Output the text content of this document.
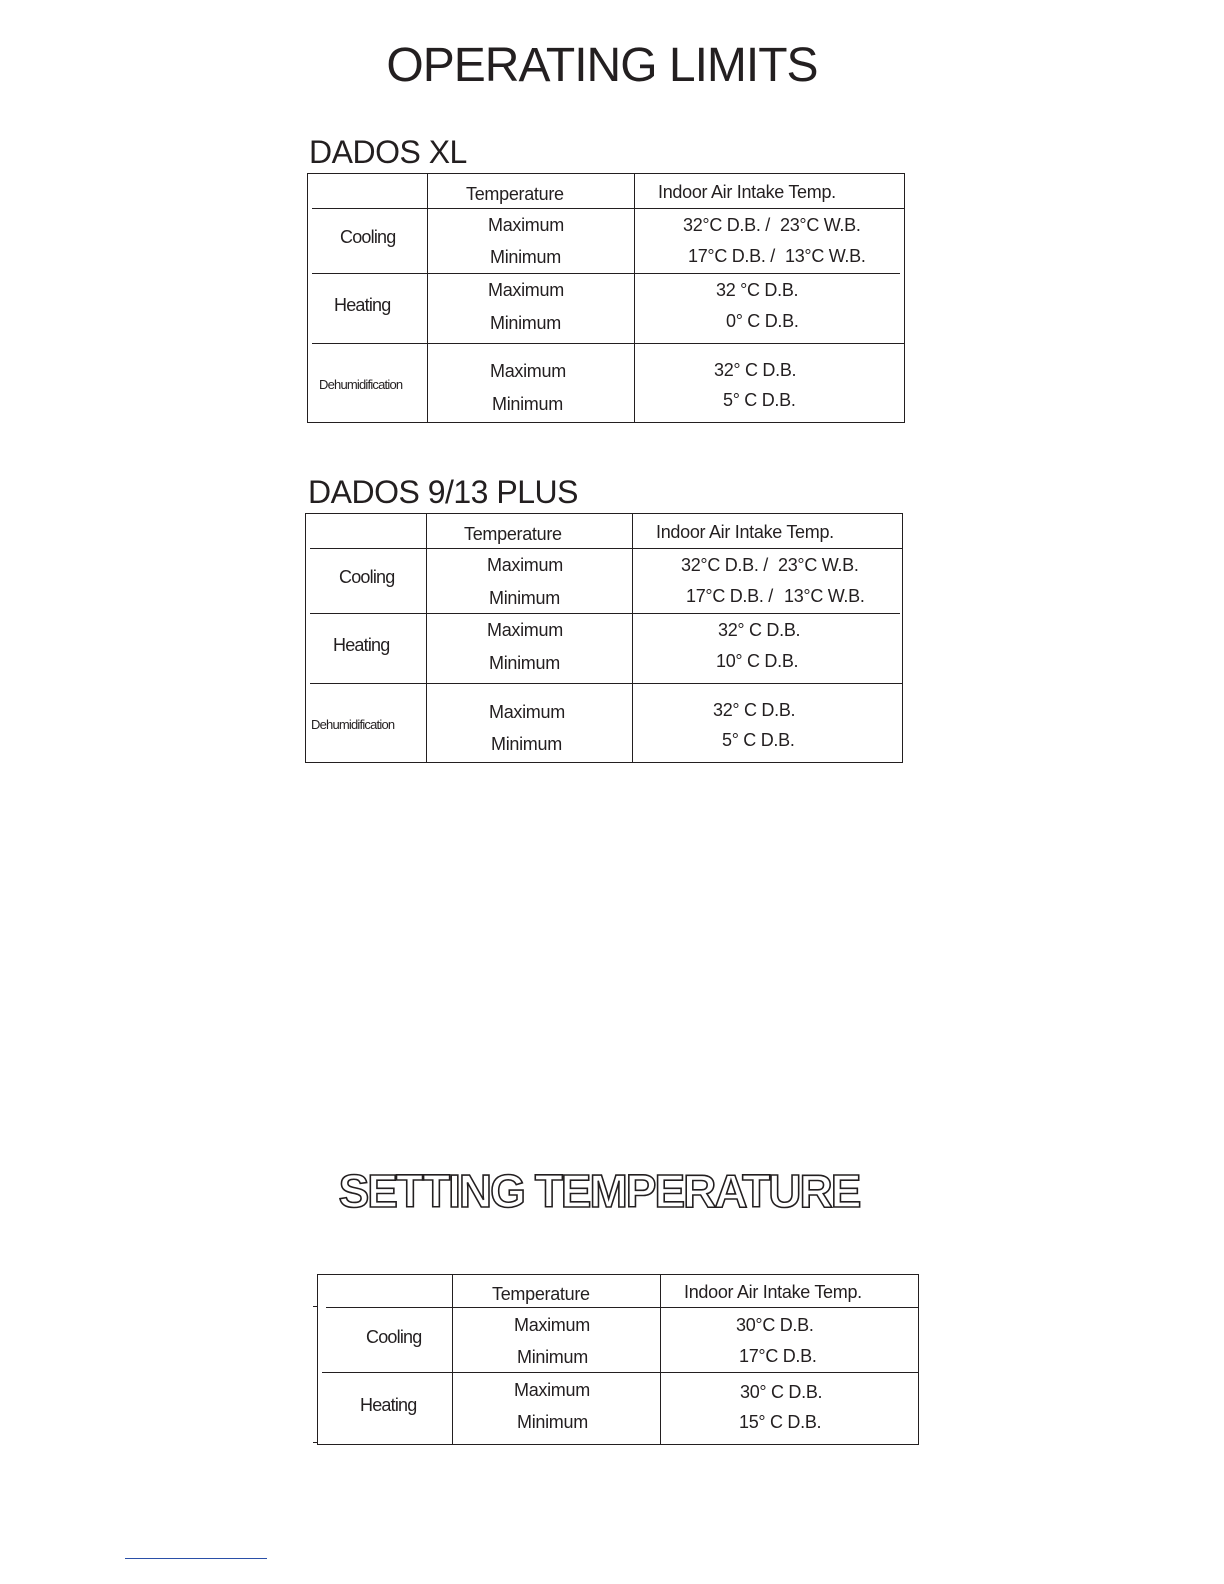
OPERATING LIMITS
DADOS XL
Temperature	Indoor Air Intake Temp.
Cooling
Maximum	32°C D.B. / 23°C W.B.
Minimum	17°C D.B. / 13°C W.B.
Heating
Maximum	32 °C D.B.
Minimum	0° C D.B.
Dehumidification
Maximum	32° C D.B.
Minimum	5° C D.B.
DADOS 9/13 PLUS
Temperature	Indoor Air Intake Temp.
Cooling
Maximum	32°C D.B. / 23°C W.B.
Minimum	17°C D.B. / 13°C W.B.
Heating
Maximum	32° C D.B.
Minimum	10° C D.B.
Dehumidification
Maximum	32° C D.B.
Minimum	5° C D.B.
SETTING TEMPERATURE
Temperature	Indoor Air Intake Temp.
Cooling
Maximum	30°C D.B.
Minimum	17°C D.B.
Heating
Maximum	30° C D.B.
Minimum	15° C D.B.
